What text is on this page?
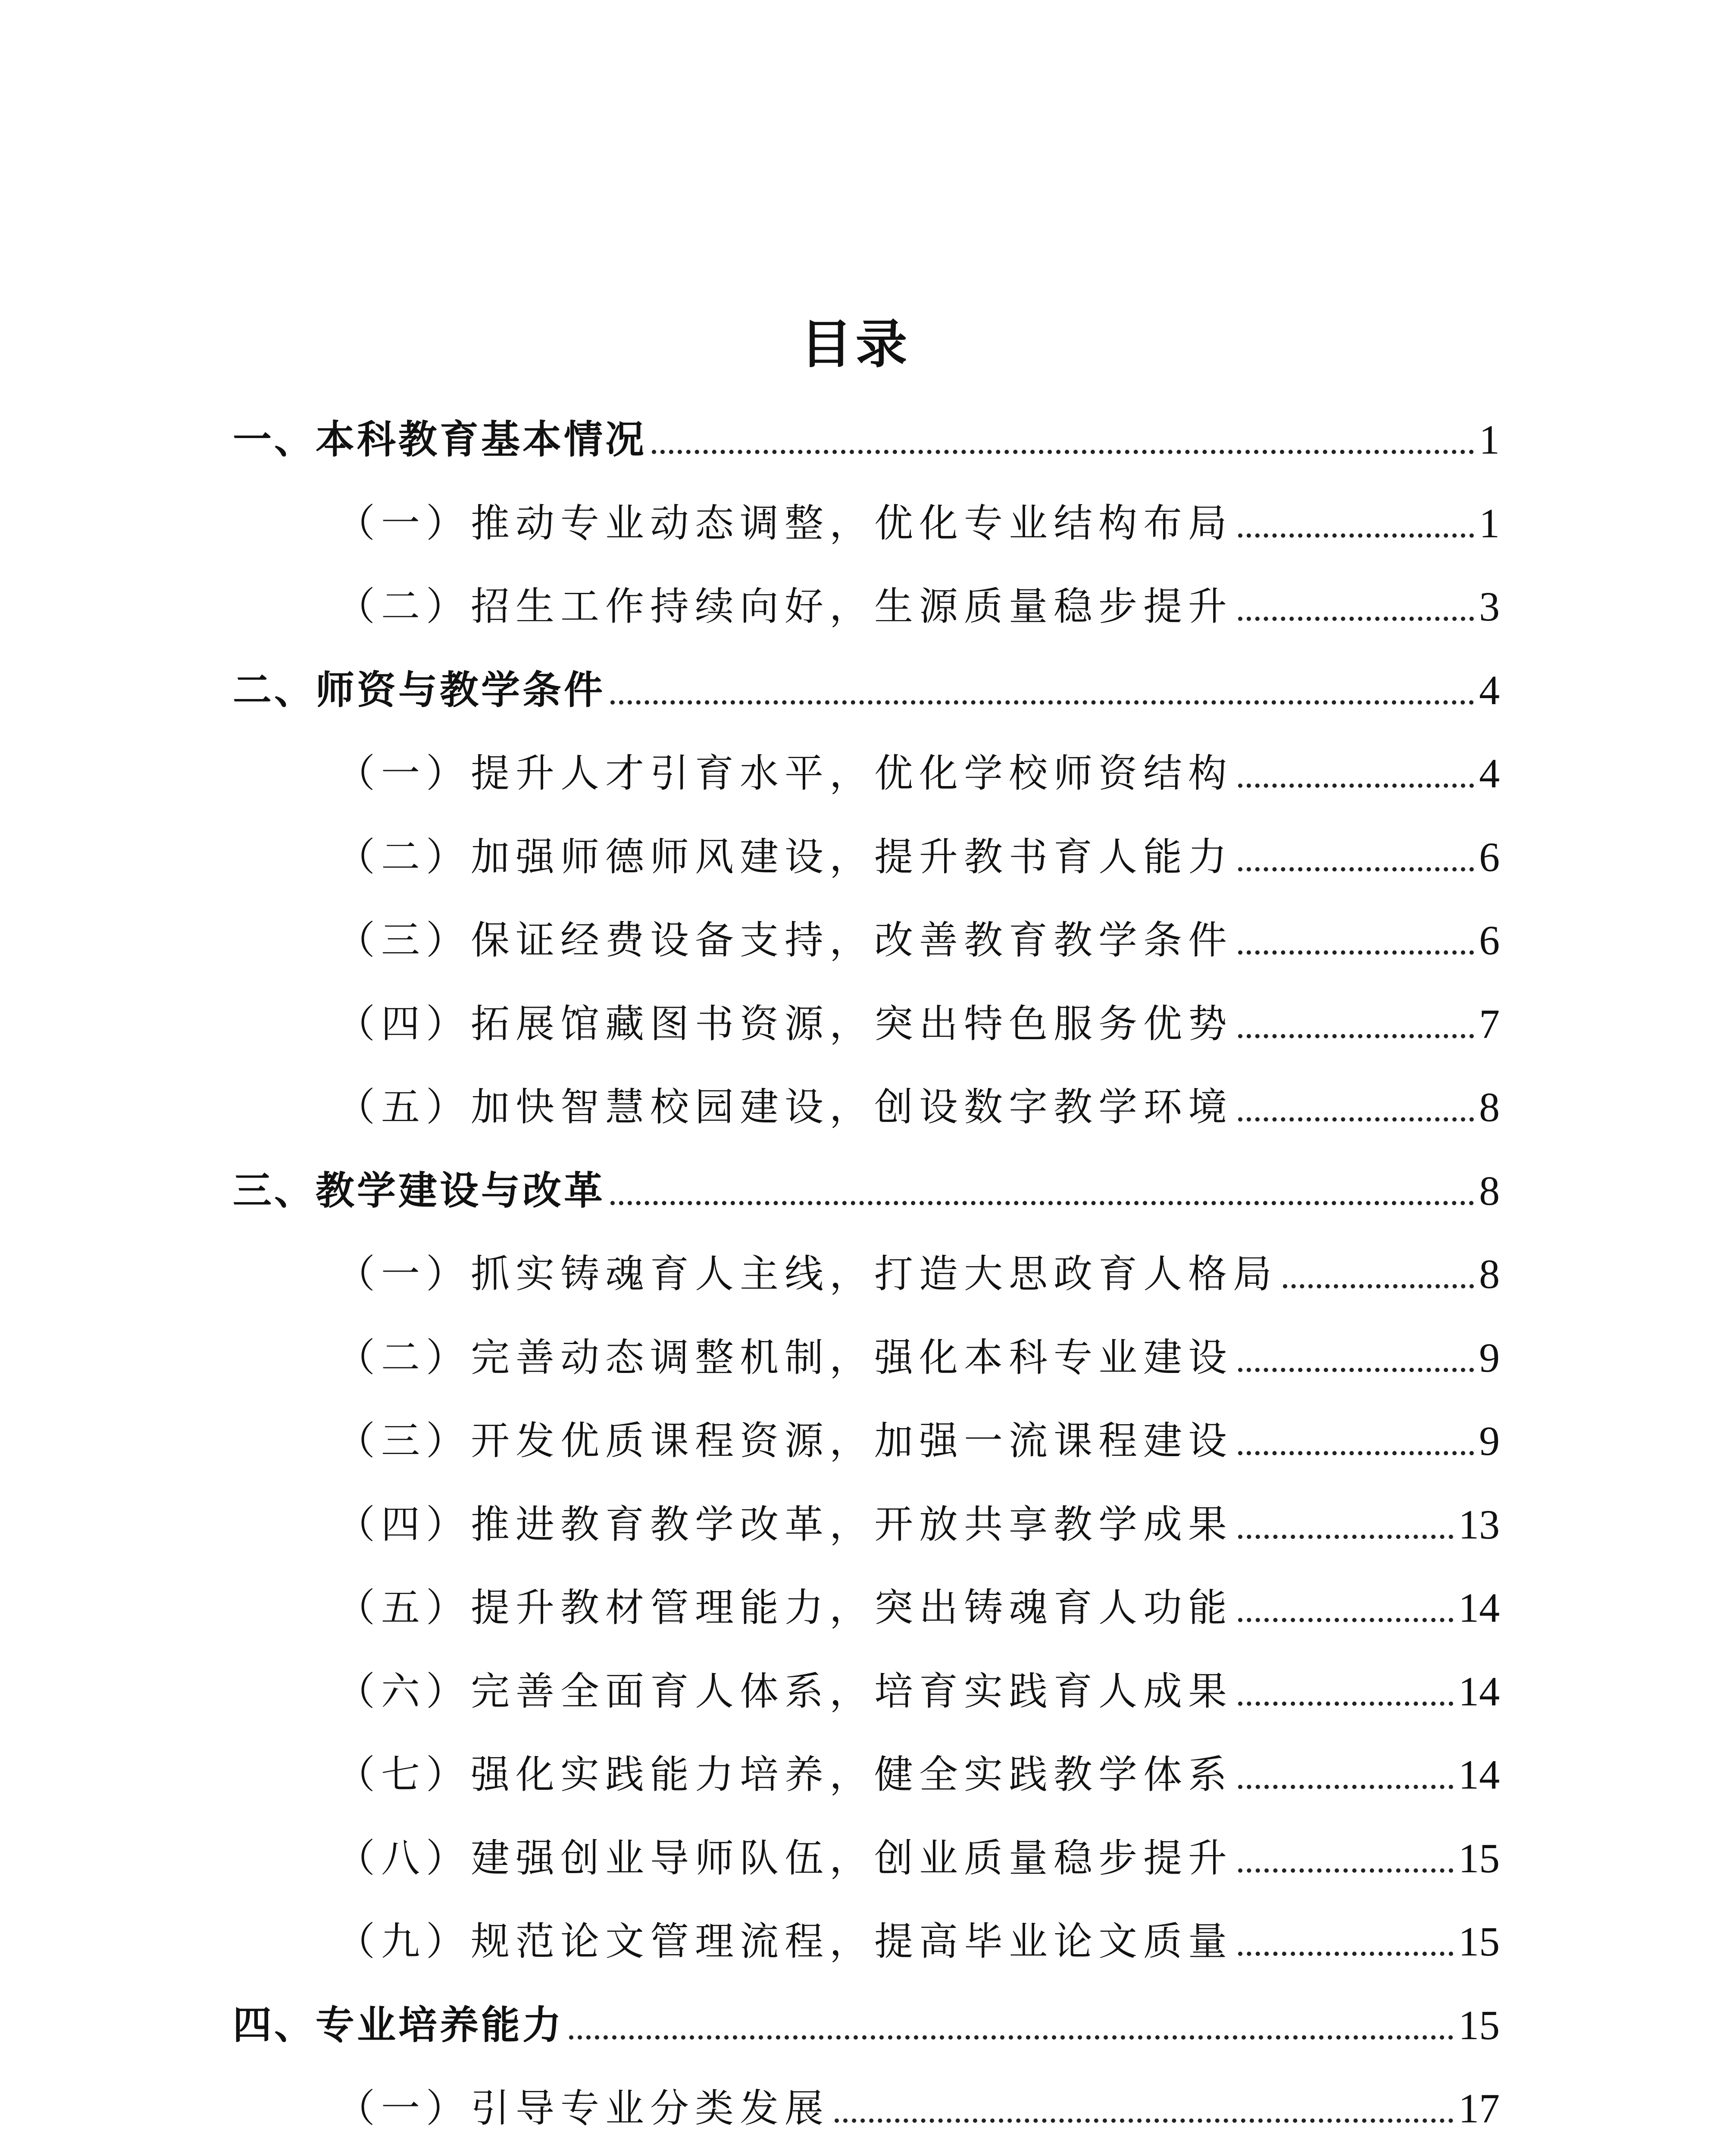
目录
一、本科教育基本情况	1
（一）推动专业动态调整，优化专业结构布局	1
（二）招生工作持续向好，生源质量稳步提升	3
二、师资与教学条件	4
（一）提升人才引育水平，优化学校师资结构	4
（二）加强师德师风建设，提升教书育人能力	6
（三）保证经费设备支持，改善教育教学条件	6
（四）拓展馆藏图书资源，突出特色服务优势	7
（五）加快智慧校园建设，创设数字教学环境	8
三、教学建设与改革	8
（一）抓实铸魂育人主线，打造大思政育人格局	8
（二）完善动态调整机制，强化本科专业建设	9
（三）开发优质课程资源，加强一流课程建设	9
（四）推进教育教学改革，开放共享教学成果	13
（五）提升教材管理能力，突出铸魂育人功能	14
（六）完善全面育人体系，培育实践育人成果	14
（七）强化实践能力培养，健全实践教学体系	14
（八）建强创业导师队伍，创业质量稳步提升	15
（九）规范论文管理流程，提高毕业论文质量	15
四、专业培养能力	15
（一）引导专业分类发展	17
